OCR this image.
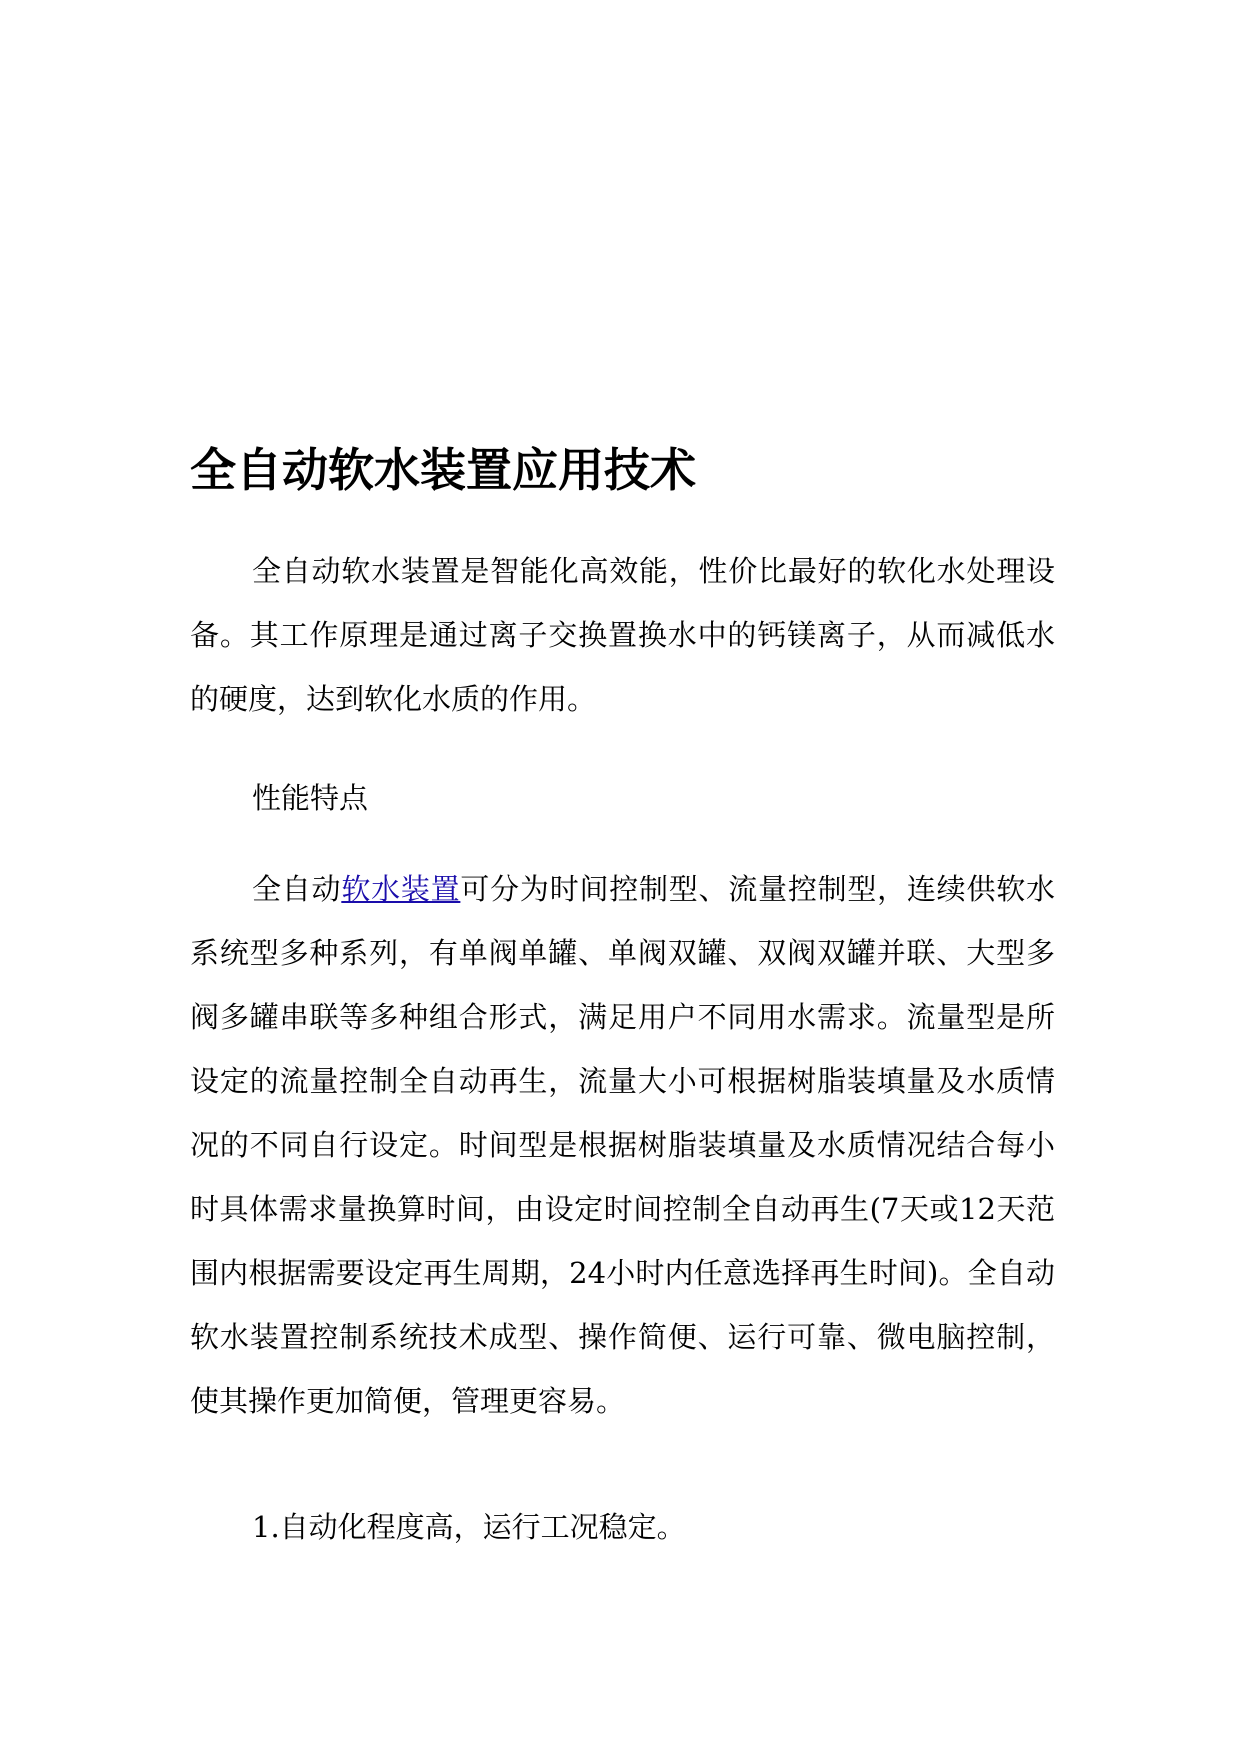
全自动软水装置应用技术

全自动软水装置是智能化高效能，性价比最好的软化水处理设备。其工作原理是通过离子交换置换水中的钙镁离子，从而减低水的硬度，达到软化水质的作用。

性能特点

全自动软水装置可分为时间控制型、流量控制型，连续供软水系统型多种系列，有单阀单罐、单阀双罐、双阀双罐并联、大型多阀多罐串联等多种组合形式，满足用户不同用水需求。流量型是所设定的流量控制全自动再生，流量大小可根据树脂装填量及水质情况的不同自行设定。时间型是根据树脂装填量及水质情况结合每小时具体需求量换算时间，由设定时间控制全自动再生(7天或12天范围内根据需要设定再生周期，24小时内任意选择再生时间)。全自动软水装置控制系统技术成型、操作简便、运行可靠、微电脑控制，使其操作更加简便，管理更容易。

1.自动化程度高，运行工况稳定。
